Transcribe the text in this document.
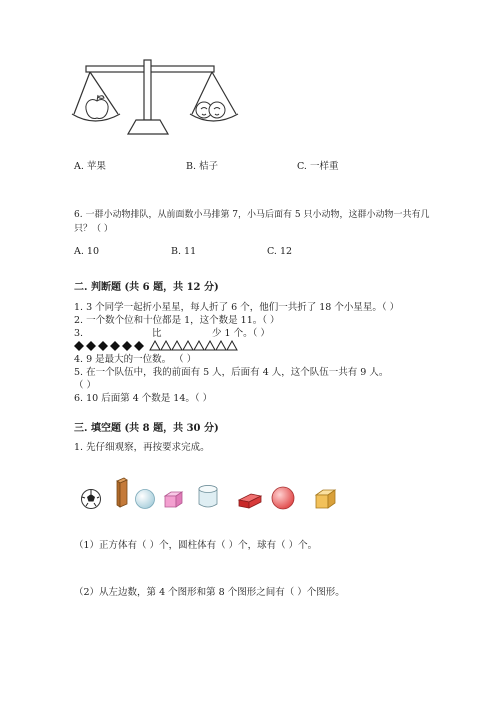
A. 苹果	B. 桔子	C. 一样重
6. 一群小动物排队，从前面数小马排第 7，小马后面有 5 只小动物，这群小动物一共有几
只？（ ）
A. 10	B. 11	C. 12
二. 判断题 (共 6 题，共 12 分)
1. 3 个同学一起折小星星，每人折了 6 个，他们一共折了 18 个小星星。（ ）
2. 一个数个位和十位都是 1，这个数是 11。（ ）
3.	比	少 1 个。（ ）
4. 9 是最大的一位数。 （ ）
5. 在一个队伍中，我的前面有 5 人，后面有 4 人，这个队伍一共有 9 人。
（ ）
6. 10 后面第 4 个数是 14。（ ）
三. 填空题 (共 8 题，共 30 分)
1. 先仔细观察，再按要求完成。
（1）正方体有（ ）个，圆柱体有（ ）个，球有（ ）个。
（2）从左边数，第 4 个图形和第 8 个图形之间有（ ）个图形。
